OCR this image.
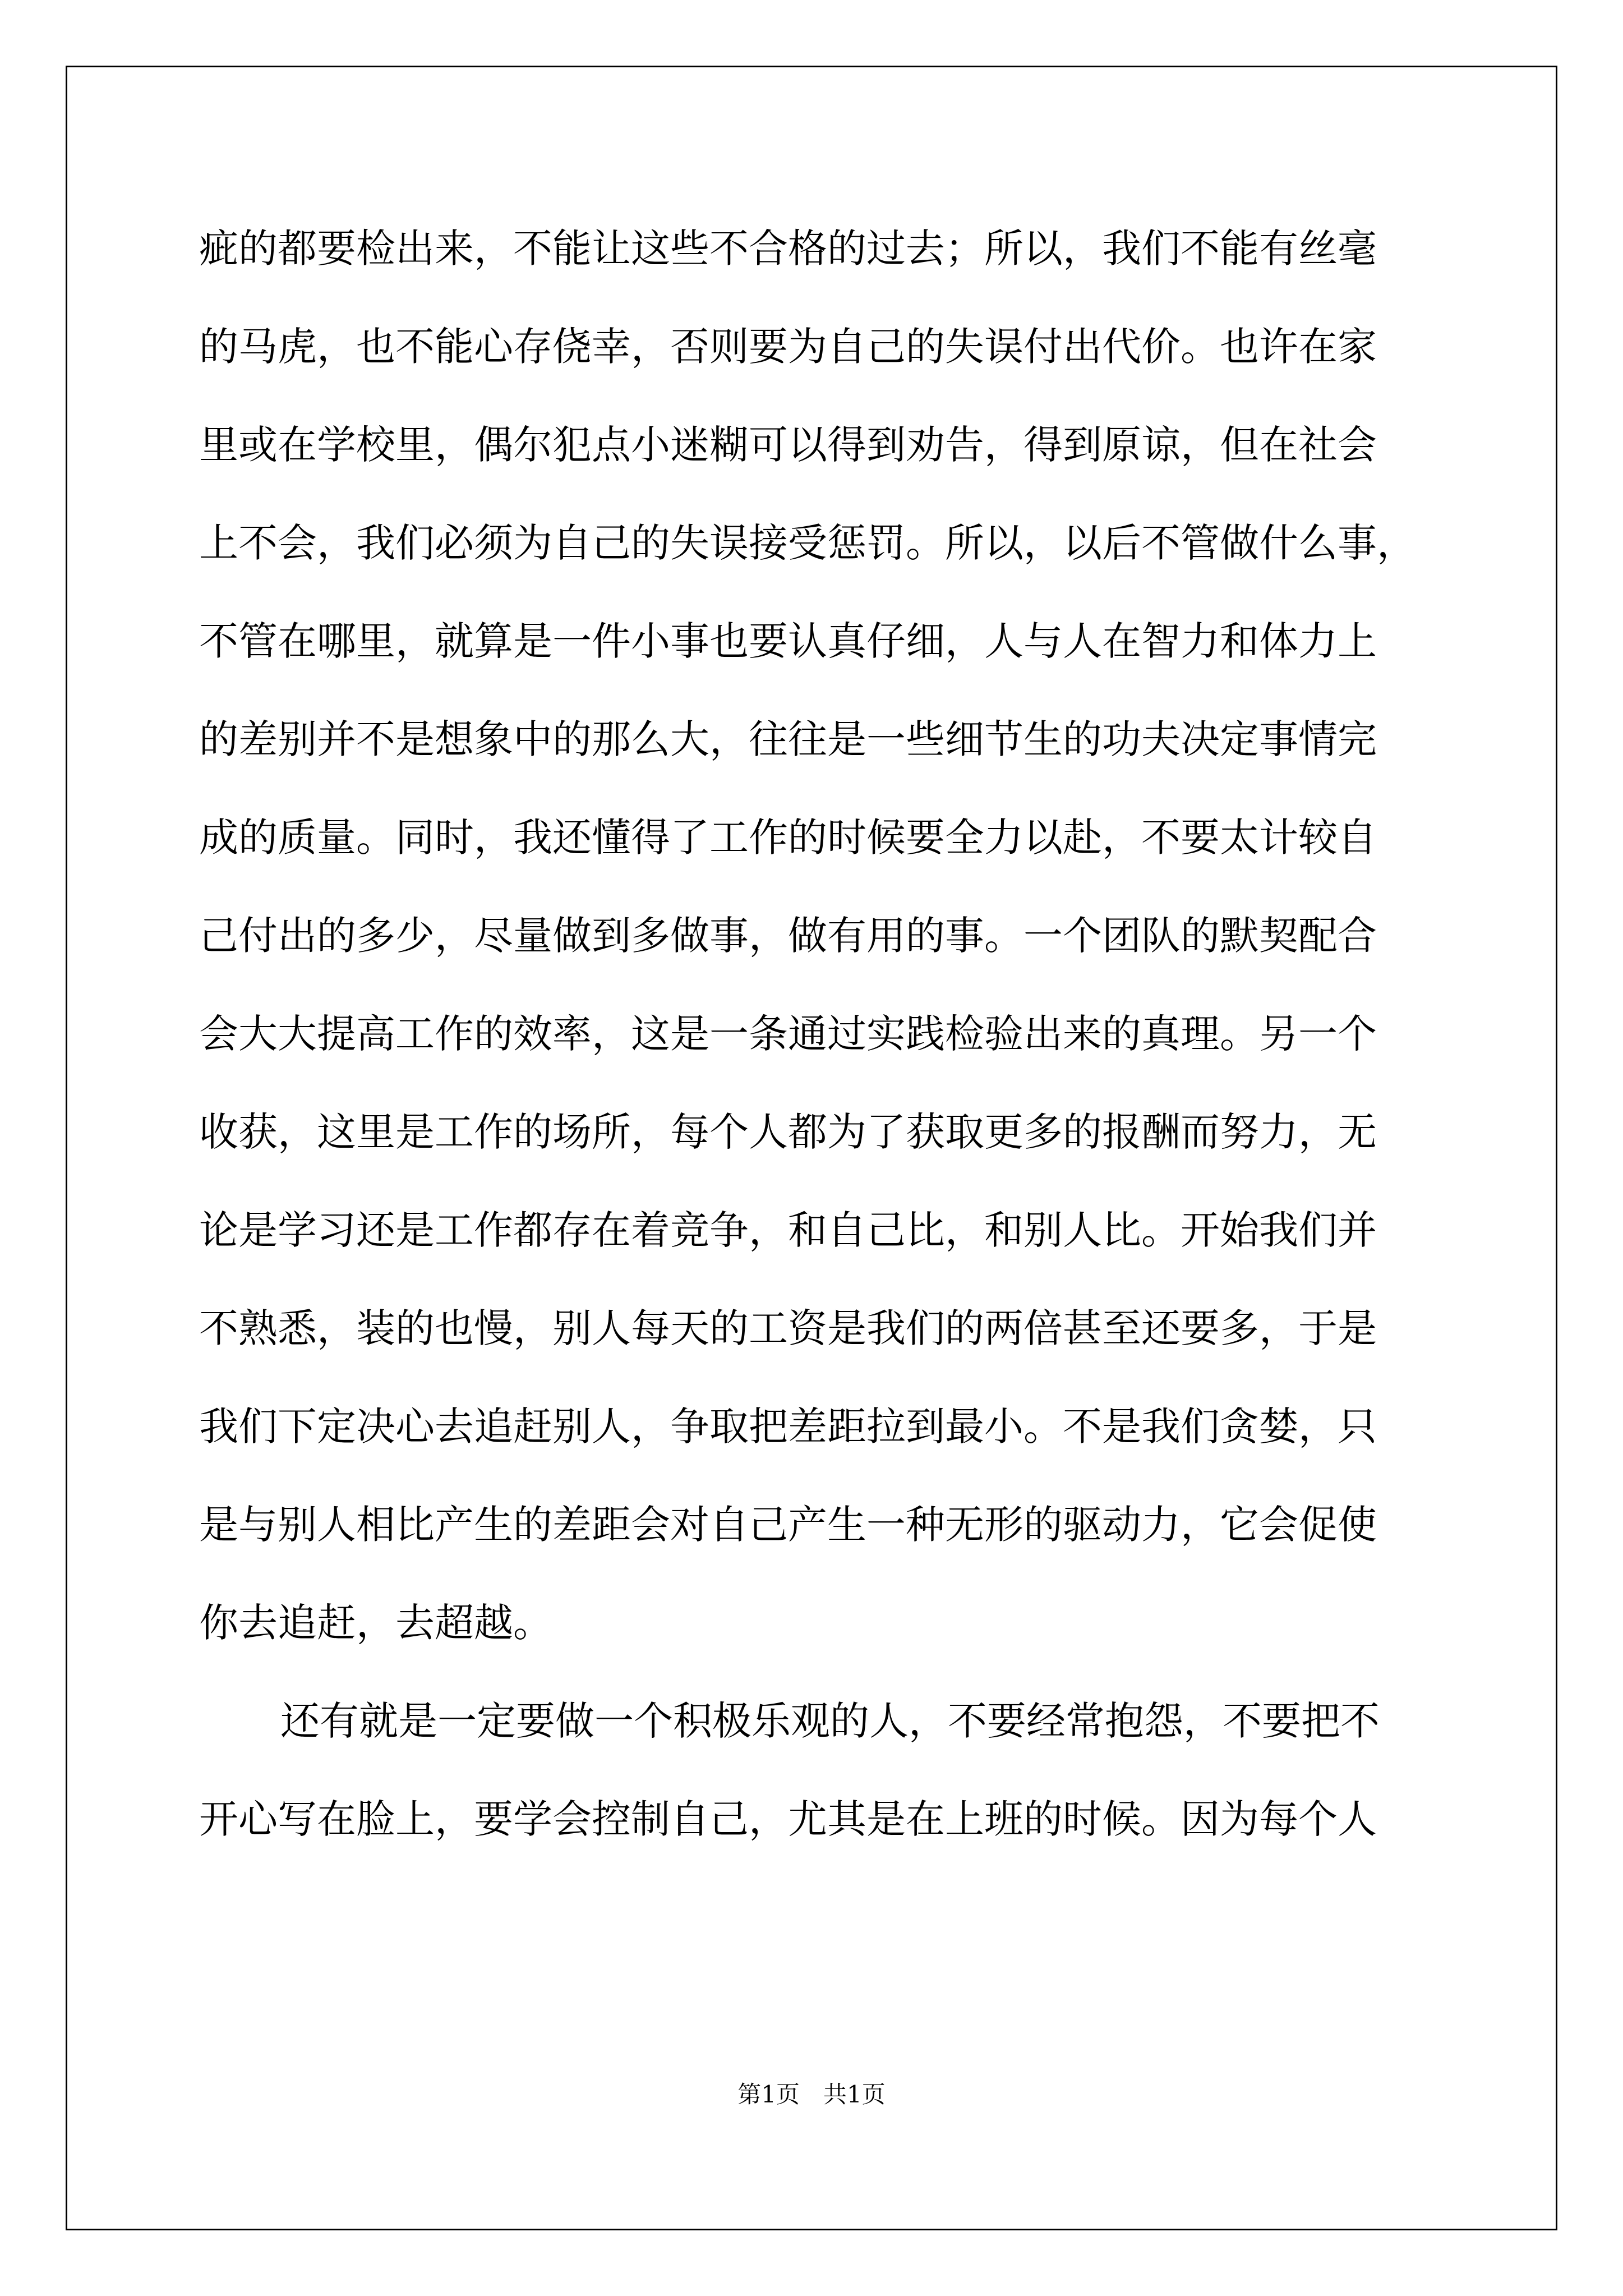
疵的都要检出来，不能让这些不合格的过去；所以，我们不能有丝毫
的马虎，也不能心存侥幸，否则要为自己的失误付出代价。也许在家
里或在学校里，偶尔犯点小迷糊可以得到劝告，得到原谅，但在社会
上不会，我们必须为自己的失误接受惩罚。所以，以后不管做什么事，
不管在哪里，就算是一件小事也要认真仔细，人与人在智力和体力上
的差别并不是想象中的那么大，往往是一些细节生的功夫决定事情完
成的质量。同时，我还懂得了工作的时候要全力以赴，不要太计较自
己付出的多少，尽量做到多做事，做有用的事。一个团队的默契配合
会大大提高工作的效率，这是一条通过实践检验出来的真理。另一个
收获，这里是工作的场所，每个人都为了获取更多的报酬而努力，无
论是学习还是工作都存在着竞争，和自己比，和别人比。开始我们并
不熟悉，装的也慢，别人每天的工资是我们的两倍甚至还要多，于是
我们下定决心去追赶别人，争取把差距拉到最小。不是我们贪婪，只
是与别人相比产生的差距会对自己产生一种无形的驱动力，它会促使
你去追赶，去超越。
还有就是一定要做一个积极乐观的人，不要经常抱怨，不要把不
开心写在脸上，要学会控制自己，尤其是在上班的时候。因为每个人
第1页　共1页
